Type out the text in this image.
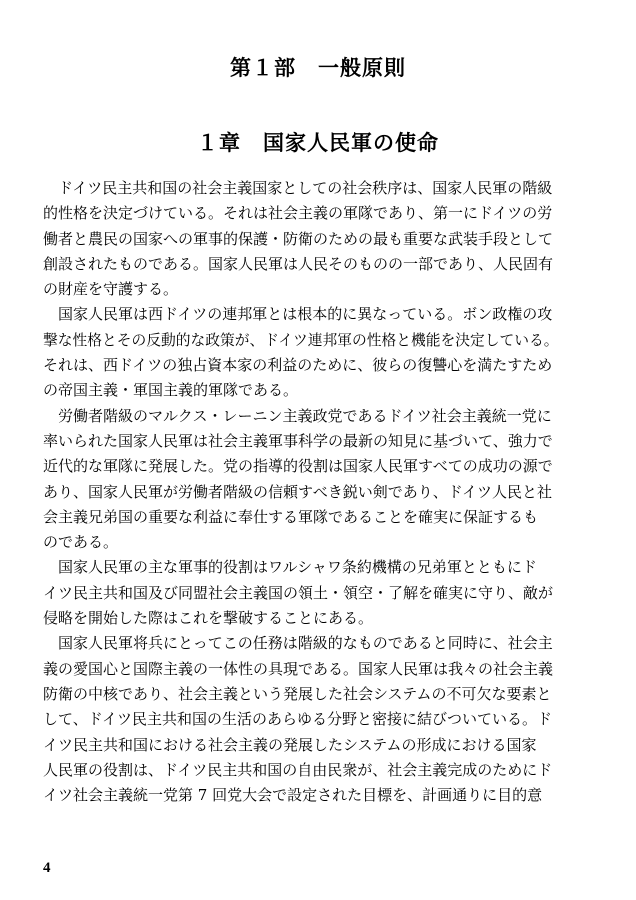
第１部　一般原則
１章　国家人民軍の使命
　ドイツ民主共和国の社会主義国家としての社会秩序は、国家人民軍の階級
的性格を決定づけている。それは社会主義の軍隊であり、第一にドイツの労
働者と農民の国家への軍事的保護・防衛のための最も重要な武装手段として
創設されたものである。国家人民軍は人民そのものの一部であり、人民固有
の財産を守護する。
　国家人民軍は西ドイツの連邦軍とは根本的に異なっている。ボン政権の攻
撃な性格とその反動的な政策が、ドイツ連邦軍の性格と機能を決定している。
それは、西ドイツの独占資本家の利益のために、彼らの復讐心を満たすため
の帝国主義・軍国主義的軍隊である。
　労働者階級のマルクス・レーニン主義政党であるドイツ社会主義統一党に
率いられた国家人民軍は社会主義軍事科学の最新の知見に基づいて、強力で
近代的な軍隊に発展した。党の指導的役割は国家人民軍すべての成功の源で
あり、国家人民軍が労働者階級の信頼すべき鋭い剣であり、ドイツ人民と社
会主義兄弟国の重要な利益に奉仕する軍隊であることを確実に保証するも
のである。
　国家人民軍の主な軍事的役割はワルシャワ条約機構の兄弟軍とともにド
イツ民主共和国及び同盟社会主義国の領土・領空・了解を確実に守り、敵が
侵略を開始した際はこれを撃破することにある。
　国家人民軍将兵にとってこの任務は階級的なものであると同時に、社会主
義の愛国心と国際主義の一体性の具現である。国家人民軍は我々の社会主義
防衛の中核であり、社会主義という発展した社会システムの不可欠な要素と
して、ドイツ民主共和国の生活のあらゆる分野と密接に結びついている。ド
イツ民主共和国における社会主義の発展したシステムの形成における国家
人民軍の役割は、ドイツ民主共和国の自由民衆が、社会主義完成のためにド
イツ社会主義統一党第 7 回党大会で設定された目標を、計画通りに目的意
4
